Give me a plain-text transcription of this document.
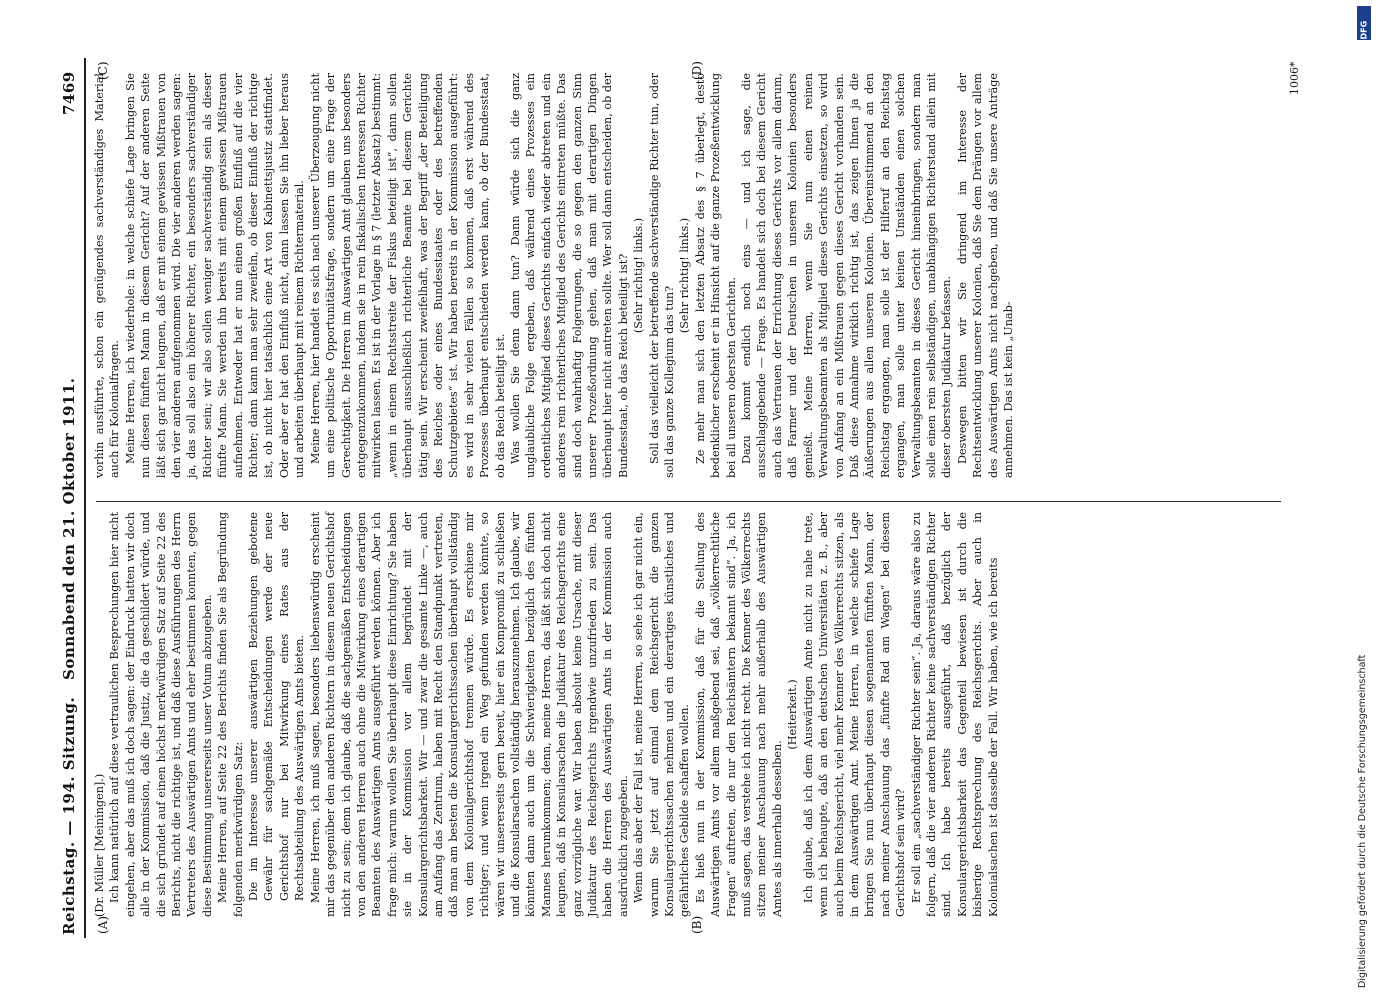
Reichstag. — 194. Sitzung.
Sonnabend den 21. Oktober 1911.
7469
(A)	(B)
(C)	(D)

(Dr. Müller [Meiningen].) Ich kann natürlich auf diese vertraulichen Besprechungen hier nicht eingehen, aber das muß ich doch sagen: der Eindruck hatten wir doch alle in der Kommission, daß die Justiz, die da geschildert würde, und die sich gründet auf einen höchst merkwürdigen Satz auf Seite 22 des Berichts, nicht die richtige ist, und daß diese Ausführungen des Herrn Vertreters des Auswärtigen Amts und eher bestimmen konnten, gegen diese Bestimmung unsererseits unser Votum abzugeben. Meine Herren, auf Seite 22 des Berichts finden Sie als Begründung folgenden merkwürdigen Satz: Die im Interesse unserer auswärtigen Beziehungen gebotene Gewähr für sachgemäße Entscheidungen werde der neue Gerichtshof nur bei Mitwirkung eines Rates aus der Rechtsabteilung des Auswärtigen Amts bieten. Meine Herren, ich muß sagen, besonders liebenswürdig erscheint mir das gegenüber den anderen Richtern in diesem neuen Gerichtshof nicht zu sein; denn ich glaube, daß die sachgemäßen Entscheidungen von den anderen Herren auch ohne die Mitwirkung eines derartigen Beamten des Auswärtigen Amts ausgeführt werden können. Aber ich frage mich: warum wollen Sie überhaupt diese Einrichtung? Sie haben sie in der Kommission vor allem begründet mit der Konsulargerichtsbarkeit. Wir — und zwar die gesamte Linke —, auch am Anfang das Zentrum, haben mit Recht den Standpunkt vertreten, daß man am besten die Konsulargerichtssachen überhaupt vollständig von dem Kolonialgerichtshof trennen würde. Es erschiene mir richtiger; und wenn irgend ein Weg gefunden werden könnte, so wären wir unsererseits gern bereit, hier ein Kompromiß zu schließen und die Konsularsachen vollständig herauszunehmen. Ich glaube, wir könnten dann auch um die Schwierigkeiten bezüglich des fünften Mannes herumkommen; denn, meine Herren, das läßt sich doch nicht leugnen, daß in Konsularsachen die Judikatur des Reichsgerichts eine ganz vorzügliche war. Wir haben absolut keine Ursache, mit dieser Judikatur des Reichsgerichts irgendwie unzufrieden zu sein. Das haben die Herren des Auswärtigen Amts in der Kommission auch ausdrücklich zugegeben. Wenn das aber der Fall ist, meine Herren, so sehe ich gar nicht ein, warum Sie jetzt auf einmal dem Reichsgericht die ganzen Konsulargerichtssachen nehmen und ein derartiges künstliches und gefährliches Gebilde schaffen wollen. Es hieß nun in der Kommission, daß für die Stellung des Auswärtigen Amts vor allem maßgebend sei, daß „völkerrechtliche Fragen“ auftreten, die nur den Reichsämtern bekannt sind“. Ja, ich muß sagen, das verstehe ich nicht recht. Die Kenner des Völkerrechts sitzen meiner Anschauung nach mehr außerhalb des Auswärtigen Amtes als innerhalb desselben.

(Heiterkeit.) Ich glaube, daß ich dem Auswärtigen Amte nicht zu nahe trete, wenn ich behaupte, daß an den deutschen Universitäten z. B., aber auch beim Reichsgericht, viel mehr Kenner des Völkerrechts sitzen, als in dem Auswärtigen Amt. Meine Herren, in welche schiefe Lage bringen Sie nun überhaupt diesen sogenannten fünften Mann, der nach meiner Anschauung das „fünfte Rad am Wagen“ bei diesem Gerichtshof sein wird? Er soll ein „sachverständiger Richter sein“. Ja, daraus wäre also zu folgern, daß die vier anderen Richter keine sachverständigen Richter sind. Ich habe bereits ausgeführt, daß bezüglich der Konsulargerichtsbarkeit das Gegenteil bewiesen ist durch die bisherige Rechtsprechung des Reichsgerichts. Aber auch in Kolonialsachen ist dasselbe der Fall. Wir haben, wie ich bereits

vorhin ausführte, schon ein genügendes sachverständiges Material auch für Kolonialfragen. Meine Herren, ich wiederhole: in welche schiefe Lage bringen Sie nun diesen fünften Mann in diesem Gericht? Auf der anderen Seite läßt sich gar nicht leugnen, daß er mit einem gewissen Mißtrauen von den vier anderen aufgenommen wird. Die vier anderen werden sagen: ja, das soll also ein höherer Richter, ein besonders sachverständiger Richter sein; wir also sollen weniger sachverständig sein als dieser fünfte Mann. Sie werden ihn bereits mit einem gewissen Mißtrauen aufnehmen. Entweder hat er nun einen großen Einfluß auf die vier Richter; dann kann man sehr zweifeln, ob dieser Einfluß der richtige ist, ob nicht hier tatsächlich eine Art von Kabinettsjustiz stattfindet. Oder aber er hat den Einfluß nicht, dann lassen Sie ihn lieber heraus und arbeiten überhaupt mit reinem Richtermaterial. Meine Herren, hier handelt es sich nach unserer Überzeugung nicht um eine politische Opportunitätsfrage, sondern um eine Frage der Gerechtigkeit. Die Herren im Auswärtigen Amt glauben uns besonders entgegenzukommen, indem sie in rein fiskalischen Interessen Richter mitwirken lassen. Es ist in der Vorlage in § 7 (letzter Absatz) bestimmt: „wenn in einem Rechtsstreite der Fiskus beteiligt ist“, dann sollen überhaupt ausschließlich richterliche Beamte bei diesem Gerichte tätig sein. Wir erscheint zweifelhaft, was der Begriff „der Beteiligung des Reiches oder eines Bundesstaates oder des betreffenden Schutzgebietes“ ist. Wir haben bereits in der Kommission ausgeführt: es wird in sehr vielen Fällen so kommen, daß erst während des Prozesses überhaupt entschieden werden kann, ob der Bundesstaat, ob das Reich beteiligt ist. Was wollen Sie denn dann tun? Dann würde sich die ganz unglaubliche Folge ergeben, daß während eines Prozesses ein ordentliches Mitglied dieses Gerichts einfach wieder abtreten und ein anderes rein richterliches Mitglied des Gerichts eintreten müßte. Das sind doch wahrhaftig Folgerungen, die so gegen den ganzen Sinn unserer Prozeßordnung gehen, daß man mit derartigen Dingen überhaupt hier nicht antreten sollte. Wer soll dann entscheiden, ob der Bundesstaat, ob das Reich beteiligt ist? (Sehr richtig! links.) Soll das vielleicht der betreffende sachverständige Richter tun, oder soll das ganze Kollegium das tun?

(Sehr richtig! links.) Ze mehr man sich den letzten Absatz des § 7 überlegt, desto bedenklicher erscheint er in Hinsicht auf die ganze Prozeßentwicklung bei all unseren obersten Gerichten. Dazu kommt endlich noch eins — und ich sage, die ausschlaggebende — Frage. Es handelt sich doch bei diesem Gericht auch das Vertrauen der Errichtung dieses Gerichts vor allem darum, daß Farmer und der Deutschen in unseren Kolonien besonders genießt. Meine Herren, wenn Sie nun einen reinen Verwaltungsbeamten als Mitglied dieses Gerichts einsetzen, so wird von Anfang an ein Mißtrauen gegen dieses Gericht vorhanden sein. Daß diese Annahme wirklich richtig ist, das zeigen Ihnen ja die Äußerungen aus allen unseren Kolonien. Übereinstimmend an den Reichstag ergangen, man solle ist der Hilferuf an den Reichstag ergangen, man solle unter keinen Umständen einen solchen Verwaltungsbeamten in dieses Gericht hineinbringen, sondern man solle einen rein selbständigen, unabhängigen Richterstand allein mit dieser obersten Judikatur befassen. Deswegen bitten wir Sie dringend im Interesse der Rechtsentwicklung unserer Kolonien, daß Sie dem Drängen vor allem des Auswärtigen Amts nicht nachgeben, und daß Sie unsere Anträge annehmen. Das ist kein „Unab-

1006*
DFG
Digitalisierung gefördert durch die Deutsche Forschungsgemeinschaft
